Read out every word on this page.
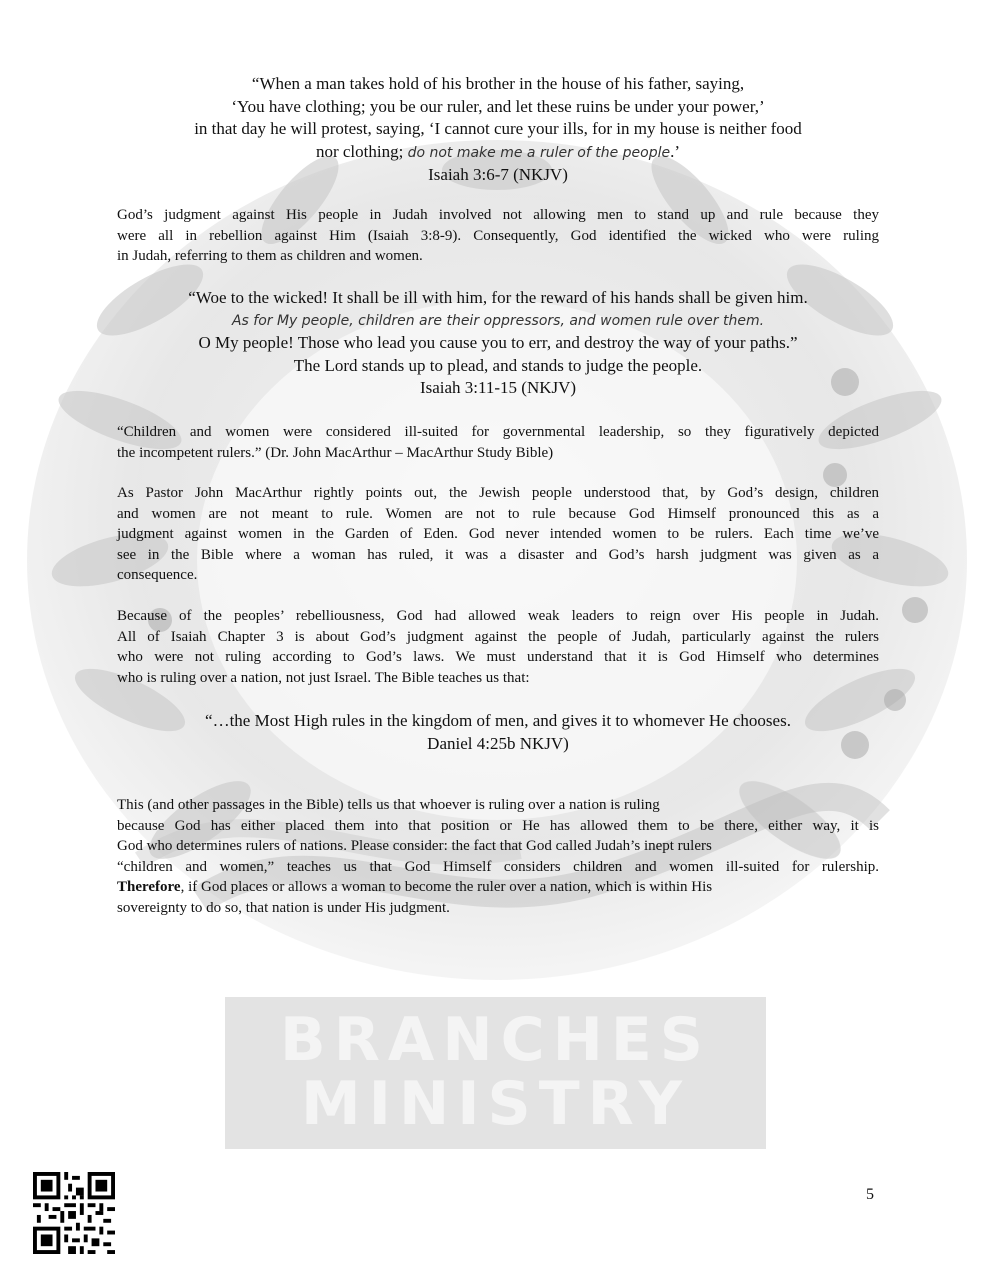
“When a man takes hold of his brother in the house of his father, saying,
‘You have clothing; you be our ruler, and let these ruins be under your power,’
in that day he will protest, saying, ‘I cannot cure your ills, for in my house is neither food
nor clothing; do not make me a ruler of the people.’
Isaiah 3:6-7 (NKJV)
God’s judgment against His people in Judah involved not allowing men to stand up and rule because they
were all in rebellion against Him (Isaiah 3:8-9). Consequently, God identified the wicked who were ruling
in Judah, referring to them as children and women.
“Woe to the wicked! It shall be ill with him, for the reward of his hands shall be given him.
As for My people, children are their oppressors, and women rule over them.
O My people! Those who lead you cause you to err, and destroy the way of your paths.”
The Lord stands up to plead, and stands to judge the people.
Isaiah 3:11-15 (NKJV)
“Children and women were considered ill-suited for governmental leadership, so they figuratively depicted
the incompetent rulers.” (Dr. John MacArthur – MacArthur Study Bible)
As Pastor John MacArthur rightly points out, the Jewish people understood that, by God’s design, children
and women are not meant to rule. Women are not to rule because God Himself pronounced this as a
judgment against women in the Garden of Eden. God never intended women to be rulers. Each time we’ve
see in the Bible where a woman has ruled, it was a disaster and God’s harsh judgment was given as a
consequence.
Because of the peoples’ rebelliousness, God had allowed weak leaders to reign over His people in Judah.
All of Isaiah Chapter 3 is about God’s judgment against the people of Judah, particularly against the rulers
who were not ruling according to God’s laws. We must understand that it is God Himself who determines
who is ruling over a nation, not just Israel. The Bible teaches us that:
“…the Most High rules in the kingdom of men, and gives it to whomever He chooses.
Daniel 4:25b NKJV)
This (and other passages in the Bible) tells us that whoever is ruling over a nation is ruling
because God has either placed them into that position or He has allowed them to be there, either way, it is
God who determines rulers of nations. Please consider: the fact that God called Judah’s inept rulers
“children and women,” teaches us that God Himself considers children and women ill-suited for rulership.
Therefore, if God places or allows a woman to become the ruler over a nation, which is within His
sovereignty to do so, that nation is under His judgment.
BRANCHES
MINISTRY
5
